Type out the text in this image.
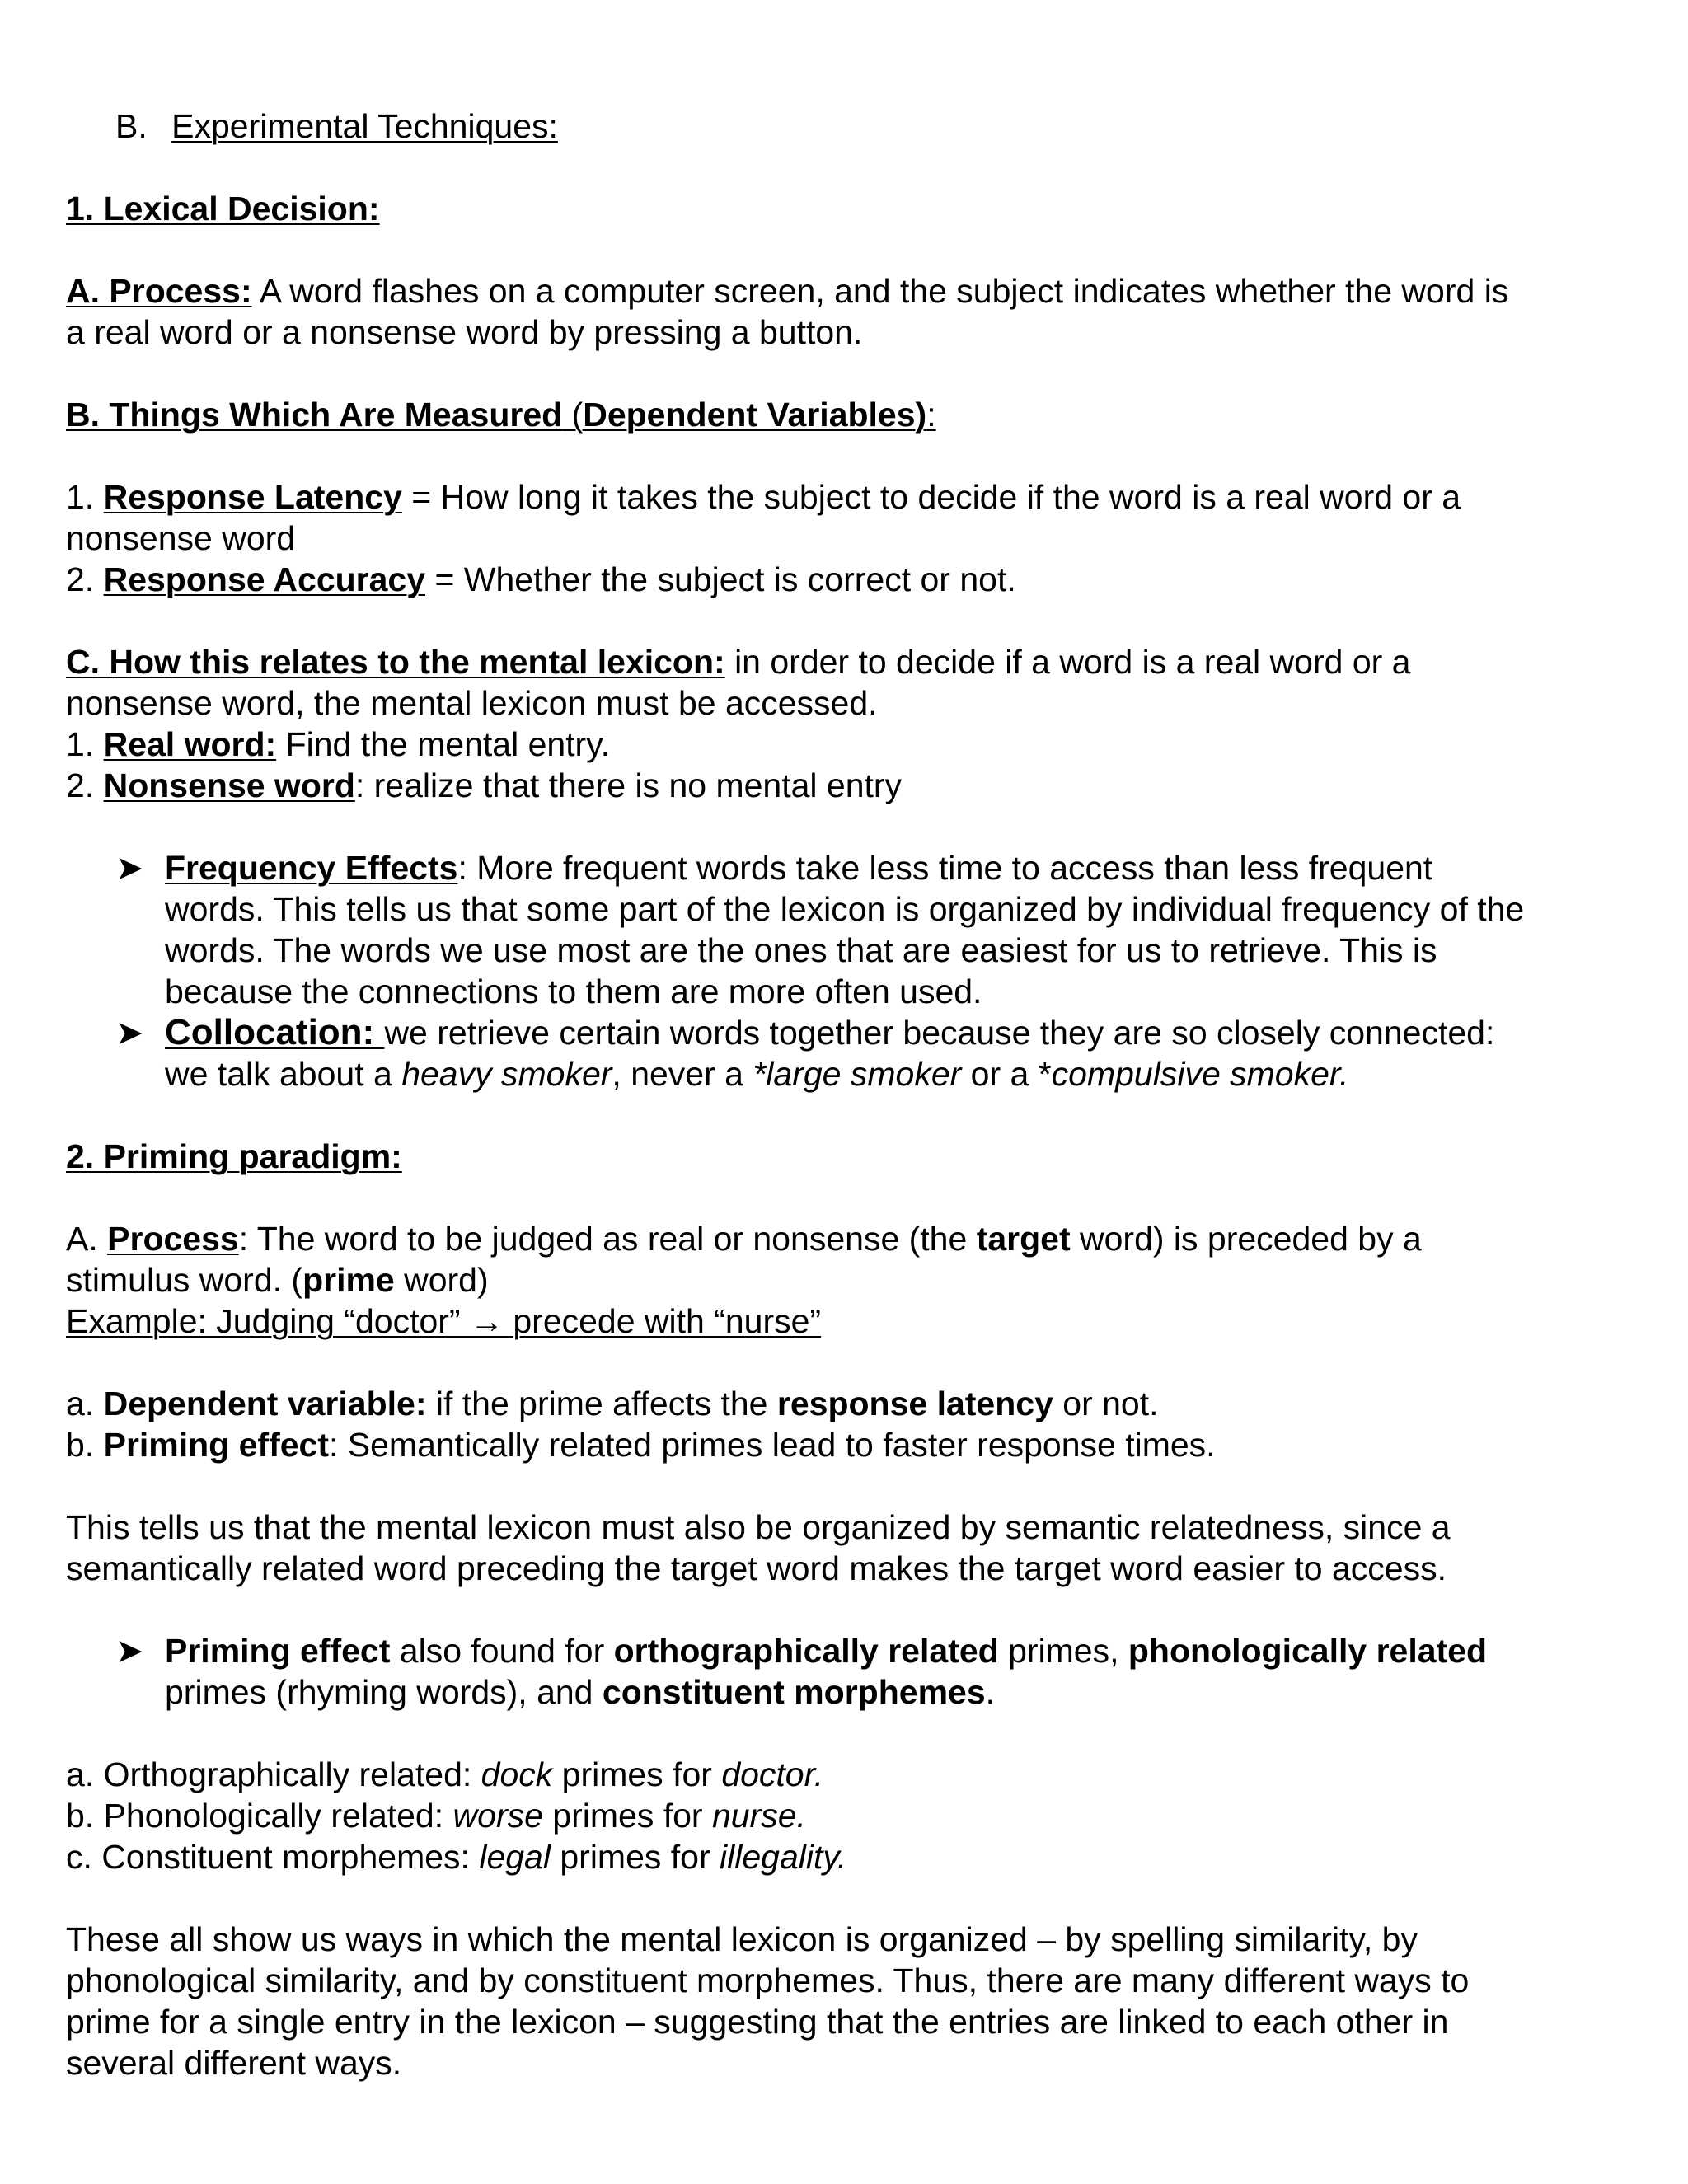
B. Experimental Techniques:
1. Lexical Decision:
A. Process: A word flashes on a computer screen, and the subject indicates whether the word is
a real word or a nonsense word by pressing a button.
B. Things Which Are Measured (Dependent Variables):
1. Response Latency = How long it takes the subject to decide if the word is a real word or a
nonsense word
2. Response Accuracy = Whether the subject is correct or not.
C. How this relates to the mental lexicon: in order to decide if a word is a real word or a
nonsense word, the mental lexicon must be accessed.
1. Real word: Find the mental entry.
2. Nonsense word: realize that there is no mental entry
➤ Frequency Effects: More frequent words take less time to access than less frequent
words. This tells us that some part of the lexicon is organized by individual frequency of the
words. The words we use most are the ones that are easiest for us to retrieve. This is
because the connections to them are more often used.
➤ Collocation: we retrieve certain words together because they are so closely connected:
we talk about a heavy smoker, never a *large smoker or a *compulsive smoker.
2. Priming paradigm:
A. Process: The word to be judged as real or nonsense (the target word) is preceded by a
stimulus word. (prime word)
Example: Judging “doctor” → precede with “nurse”
a. Dependent variable: if the prime affects the response latency or not.
b. Priming effect: Semantically related primes lead to faster response times.
This tells us that the mental lexicon must also be organized by semantic relatedness, since a
semantically related word preceding the target word makes the target word easier to access.
➤ Priming effect also found for orthographically related primes, phonologically related
primes (rhyming words), and constituent morphemes.
a. Orthographically related: dock primes for doctor.
b. Phonologically related: worse primes for nurse.
c. Constituent morphemes: legal primes for illegality.
These all show us ways in which the mental lexicon is organized – by spelling similarity, by
phonological similarity, and by constituent morphemes. Thus, there are many different ways to
prime for a single entry in the lexicon – suggesting that the entries are linked to each other in
several different ways.
